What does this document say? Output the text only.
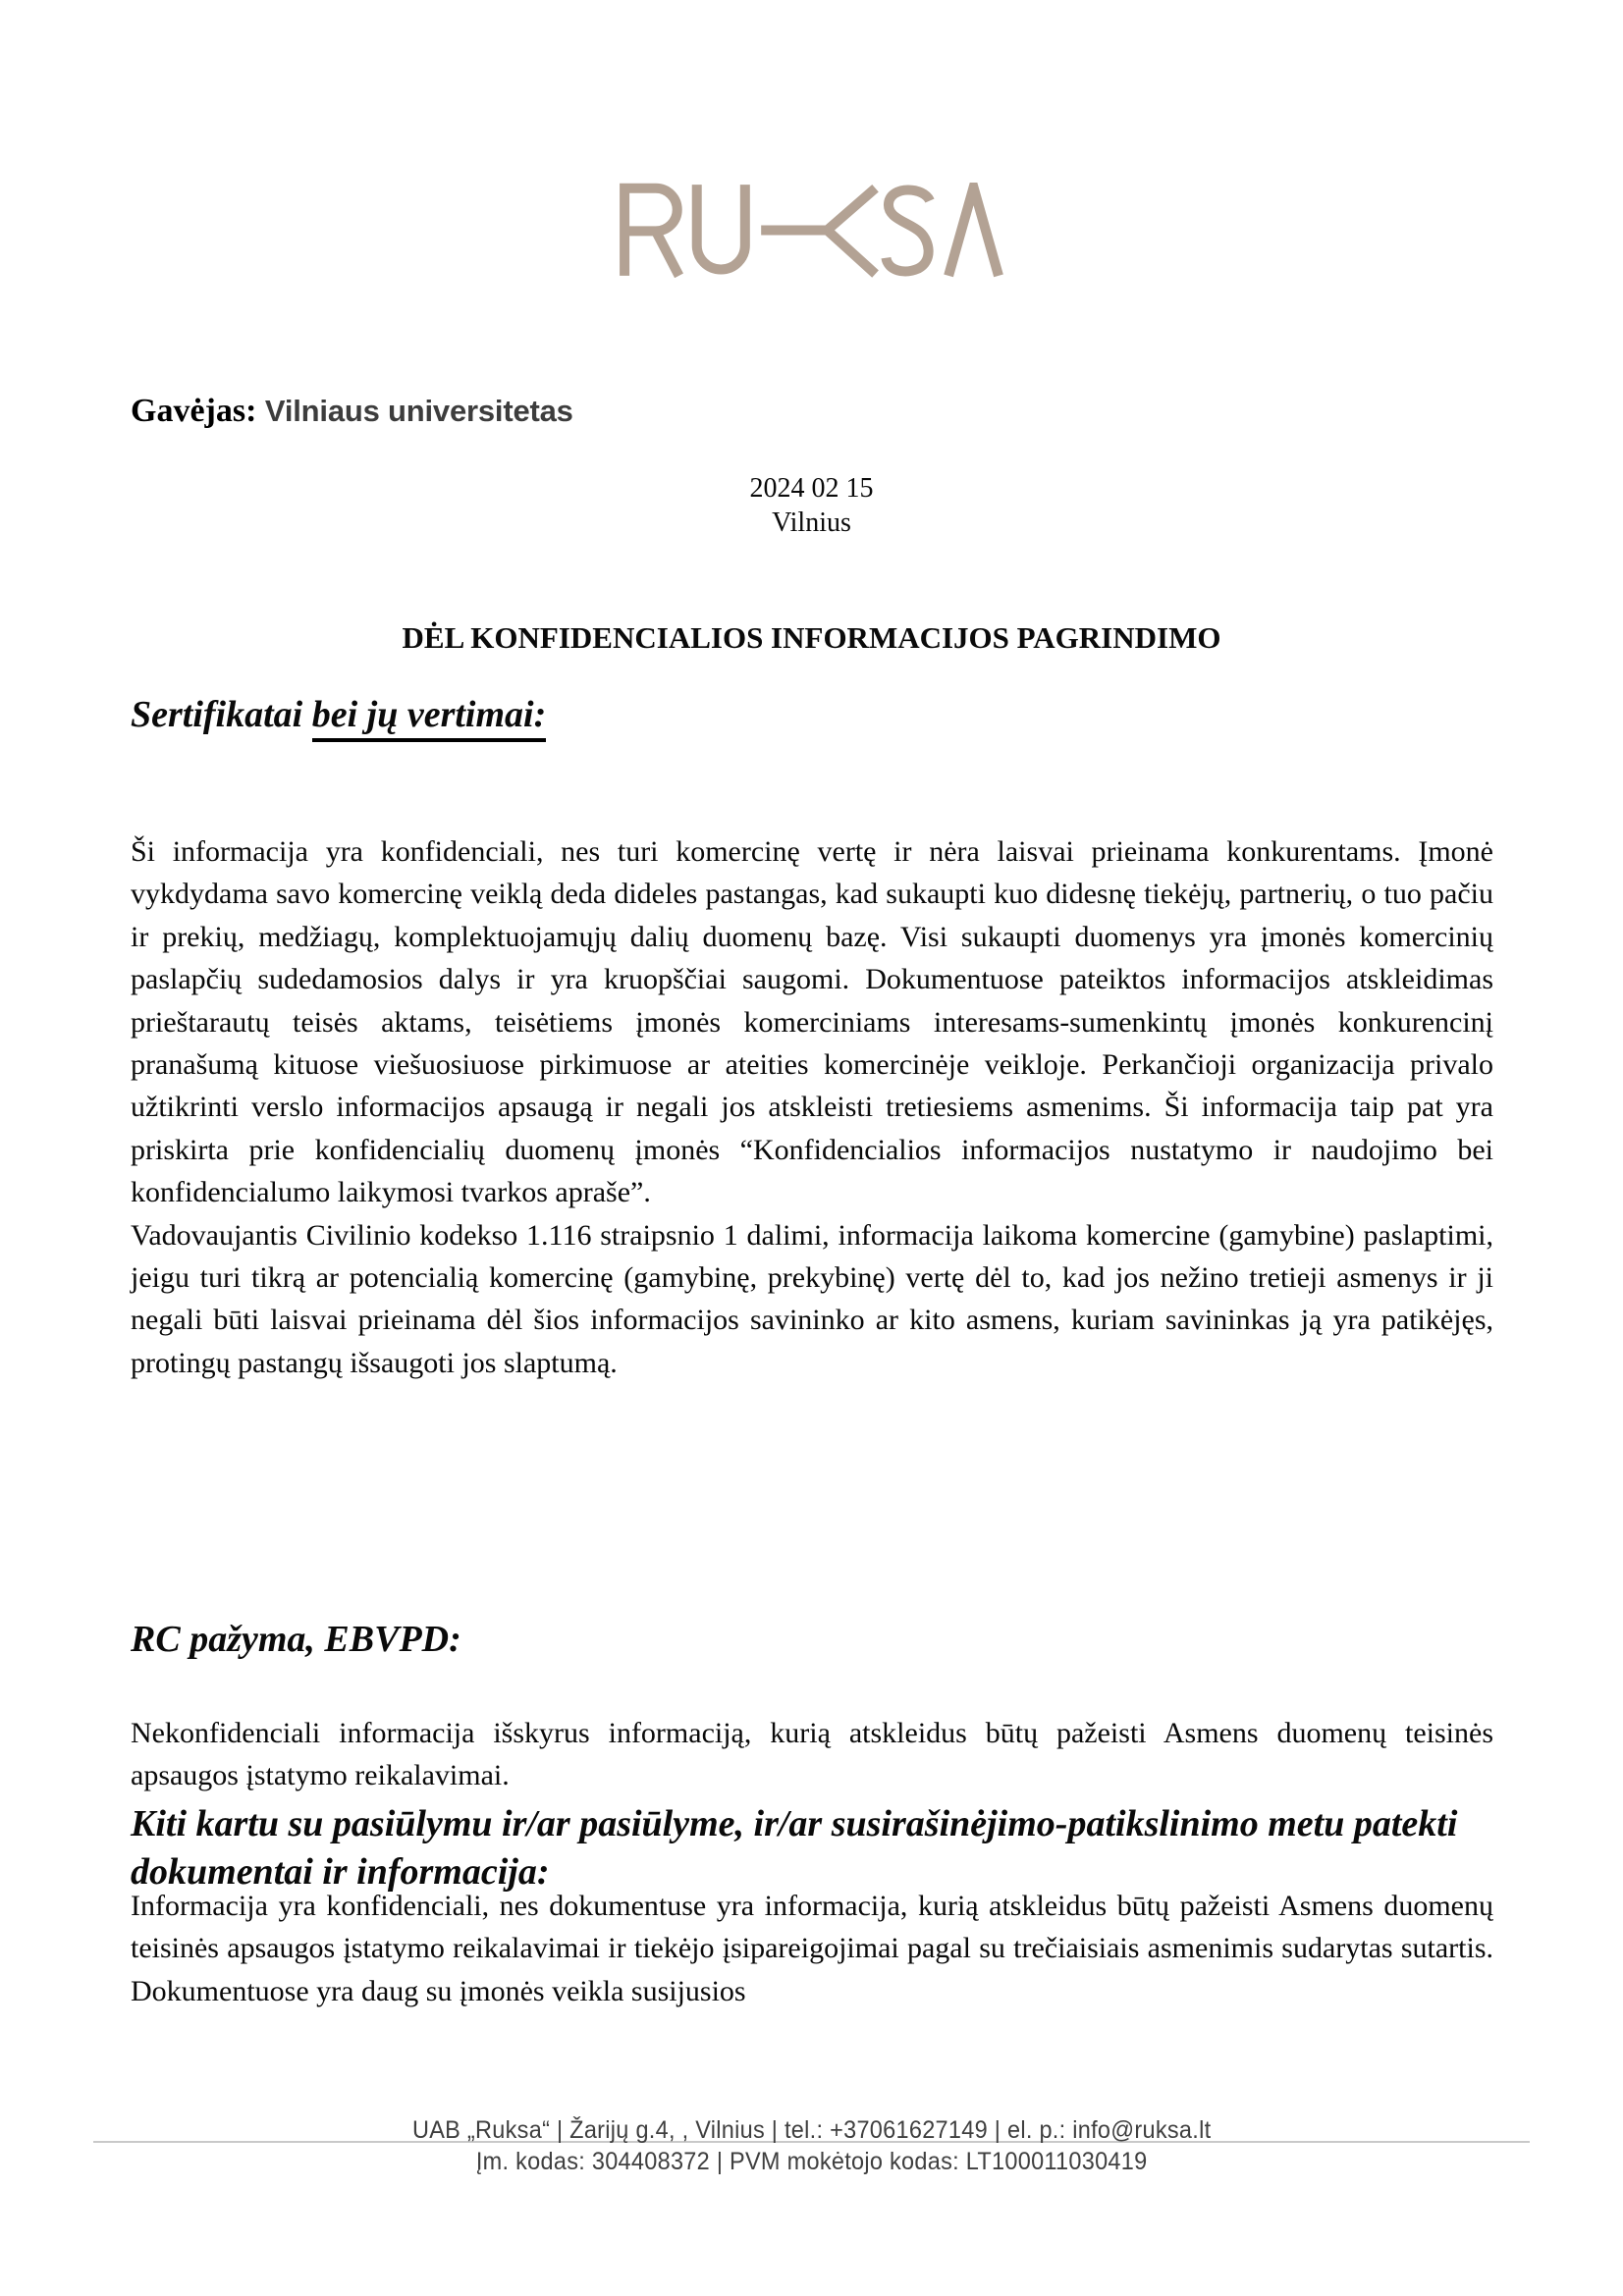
Gavėjas: Vilniaus universitetas
2024 02 15
Vilnius
DĖL KONFIDENCIALIOS INFORMACIJOS PAGRINDIMO
Sertifikatai bei jų vertimai:

Ši informacija yra konfidenciali, nes turi komercinę vertę ir nėra laisvai prieinama konkurentams. Įmonė vykdydama savo komercinę veiklą deda dideles pastangas, kad sukaupti kuo didesnę tiekėjų, partnerių, o tuo pačiu ir prekių, medžiagų, komplektuojamųjų dalių duomenų bazę. Visi sukaupti duomenys yra įmonės komercinių paslapčių sudedamosios dalys ir yra kruopščiai saugomi. Dokumentuose pateiktos informacijos atskleidimas prieštarautų teisės aktams, teisėtiems įmonės komerciniams interesams-sumenkintų įmonės konkurencinį pranašumą kituose viešuosiuose pirkimuose ar ateities komercinėje veikloje. Perkančioji organizacija privalo užtikrinti verslo informacijos apsaugą ir negali jos atskleisti tretiesiems asmenims. Ši informacija taip pat yra priskirta prie konfidencialių duomenų įmonės “Konfidencialios informacijos nustatymo ir naudojimo bei konfidencialumo laikymosi tvarkos apraše”.

Vadovaujantis Civilinio kodekso 1.116 straipsnio 1 dalimi, informacija laikoma komercine (gamybine) paslaptimi, jeigu turi tikrą ar potencialią komercinę (gamybinę, prekybinę) vertę dėl to, kad jos nežino tretieji asmenys ir ji negali būti laisvai prieinama dėl šios informacijos savininko ar kito asmens, kuriam savininkas ją yra patikėjęs, protingų pastangų išsaugoti jos slaptumą.

RC pažyma, EBVPD:

Nekonfidenciali informacija išskyrus informaciją, kurią atskleidus būtų pažeisti Asmens duomenų teisinės apsaugos įstatymo reikalavimai.

Kiti kartu su pasiūlymu ir/ar pasiūlyme, ir/ar susirašinėjimo-patikslinimo metu patekti dokumentai ir informacija:

Informacija yra konfidenciali, nes dokumentuse yra informacija, kurią atskleidus būtų pažeisti Asmens duomenų teisinės apsaugos įstatymo reikalavimai ir tiekėjo įsipareigojimai pagal su trečiaisiais asmenimis sudarytas sutartis. Dokumentuose yra daug su įmonės veikla susijusios

UAB „Ruksa“ | Žarijų g.4, , Vilnius | tel.: +37061627149 | el. p.: info@ruksa.lt
Įm. kodas: 304408372 | PVM mokėtojo kodas: LT100011030419
